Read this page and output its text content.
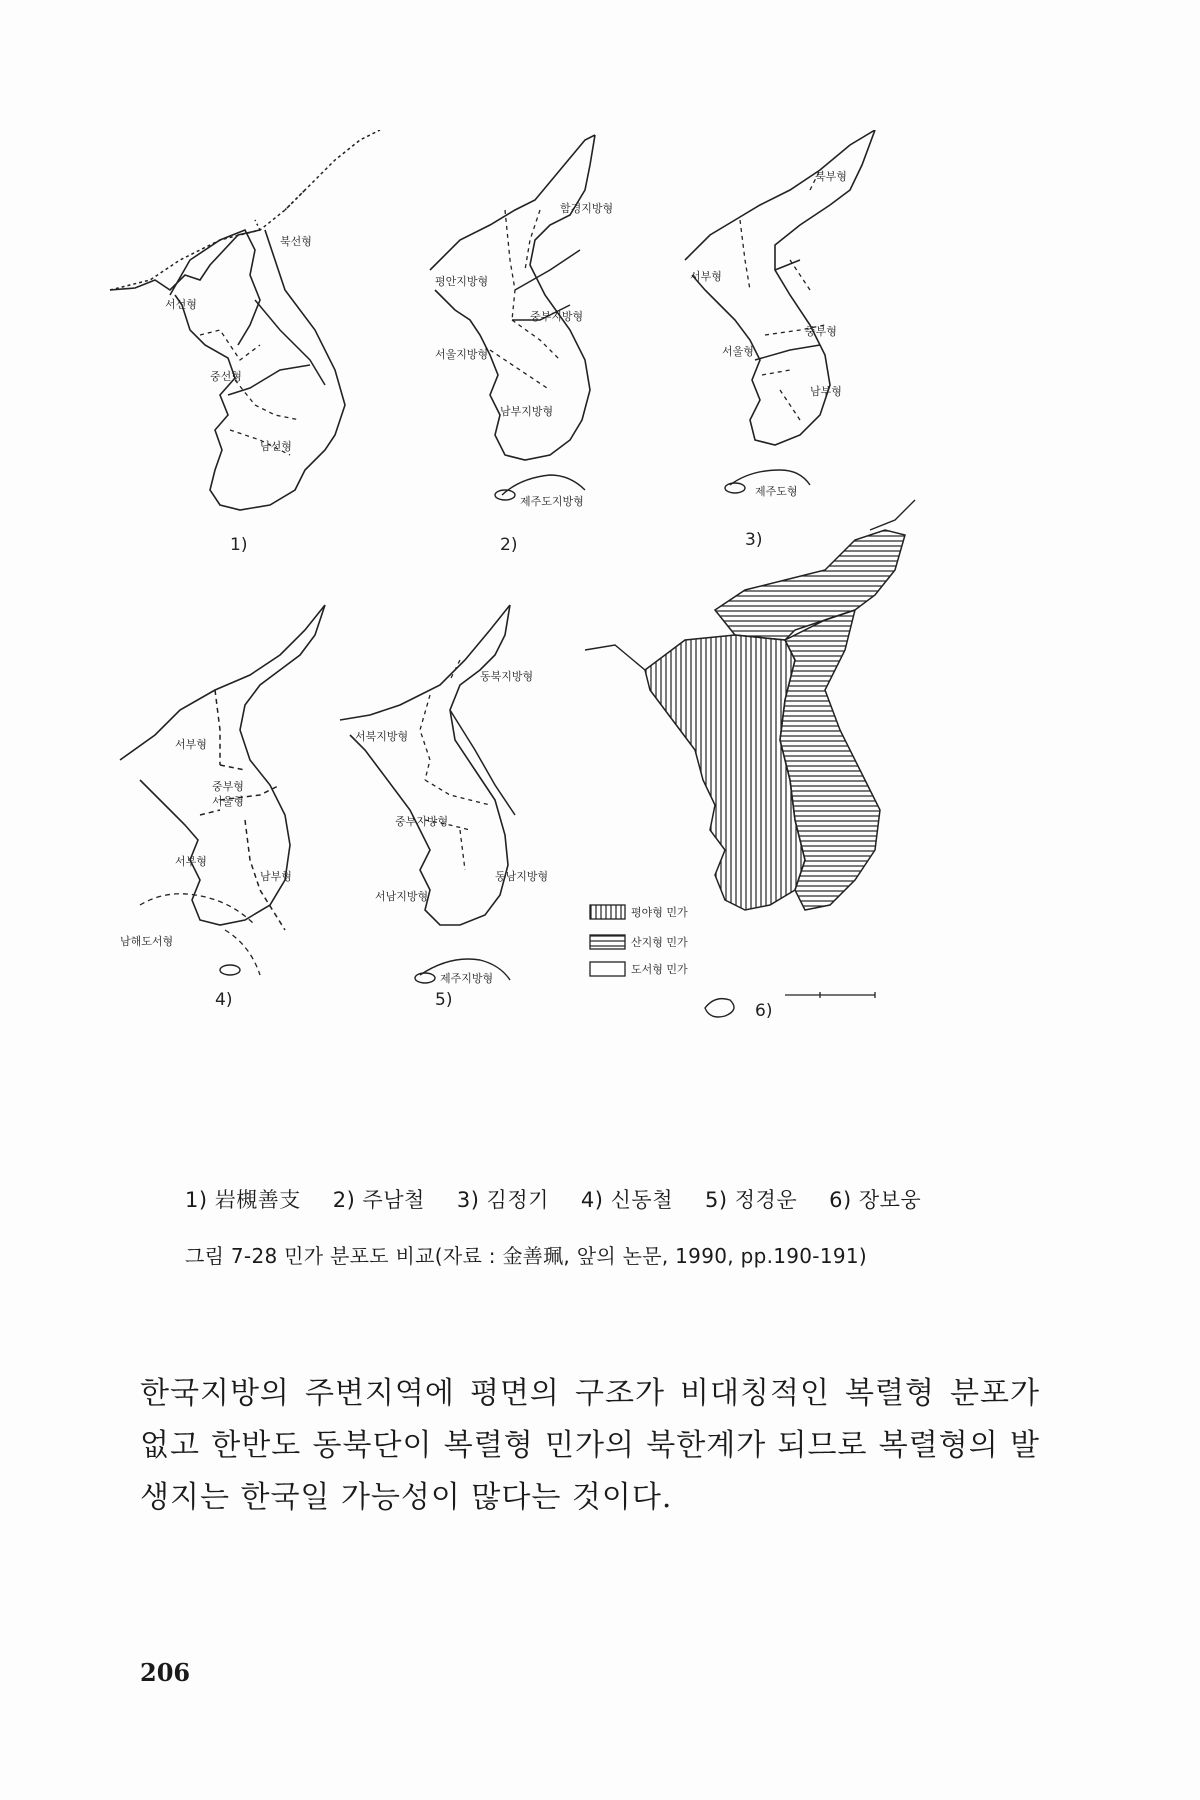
북선형
서선형
중선형
남선형
1)
함경지방형
평안지방형
중부지방형
서울지방형
남부지방형
제주도지방형
2)
북부형
서부형
중부형
서울형
남부형
제주도형
3)
서부형
중부형
서울형
서부형
남부형
남해도서형
4)
동북지방형
서북지방형
중부지방형
동남지방형
서남지방형
제주지방형
5)
평야형 민가
산지형 민가
도서형 민가
6)
1) 岩槻善支 2) 주남철 3) 김정기 4) 신동철 5) 정경운 6) 장보웅
그림 7-28 민가 분포도 비교(자료 : 金善珮, 앞의 논문, 1990, pp.190-191)
한국지방의 주변지역에 평면의 구조가 비대칭적인 복렬형 분포가 없고 한반도 동북단이 복렬형 민가의 북한계가 되므로 복렬형의 발생지는 한국일 가능성이 많다는 것이다.
206
